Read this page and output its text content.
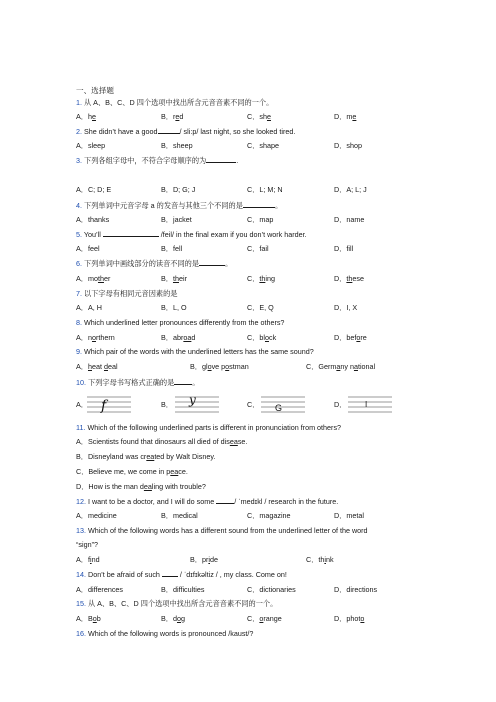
一、选择题
1. 从 A、B、C、D 四个选项中找出所含元音音素不同的一个。
A．he	B．red	C．she	D．me
2. She didn’t have a good	/ sli:p/ last night, so she looked tired.
A．sleep	B．sheep	C．shape	D．shop
3. 下列各组字母中，不符合字母顺序的为	.
A．C; D; E	B．D; G; J	C．L; M; N	D．A; L; J
4. 下列单词中元音字母 a 的发音与其他三个不同的是	。
A．thanks	B．jacket	C．map	D．name
5. You’ll	/feil/ in the final exam if you don’t work harder.
A．feel	B．fell	C．fail	D．fill
6. 下列单词中画线部分的读音不同的是	。
A．mother	B．their	C．thing	D．these
7. 以下字母有相同元音因素的是
A．A, H	B．L, O	C．E, Q	D．I, X
8. Which underlined letter pronounces differently from the others?
A．northern	B．abroad	C．block	D．before
9. Which pair of the words with the underlined letters has the same sound?
A．heat deal	B．glove postman	C．Germany national
10. 下列字母书写格式正确的是	。
A． f	B． y	C． G	D． I
11. Which of the following underlined parts is different in pronunciation from others?
A．Scientists found that dinosaurs all died of disease.
B．Disneyland was created by Walt Disney.
C．Believe me, we come in peace.
D．How is the man dealing with trouble?
12. I want to be a doctor, and I will do some	/ ˈmedɪkl / research in the future.
A．medicine	B．medical	C．magazine	D．metal
13. Which of the following words has a different sound from the underlined letter of the word
“sign”?
A．find	B．pride	C．think
14. Don’t be afraid of such	/ ˈdɪfɪkəltiz / , my class. Come on!
A．differences	B．difficulties	C．dictionaries	D．directions
15. 从 A、B、C、D 四个选项中找出所含元音音素不同的一个。
A．Bob	B．dog	C．orange	D．photo
16. Which of the following words is pronounced /kaust/?
